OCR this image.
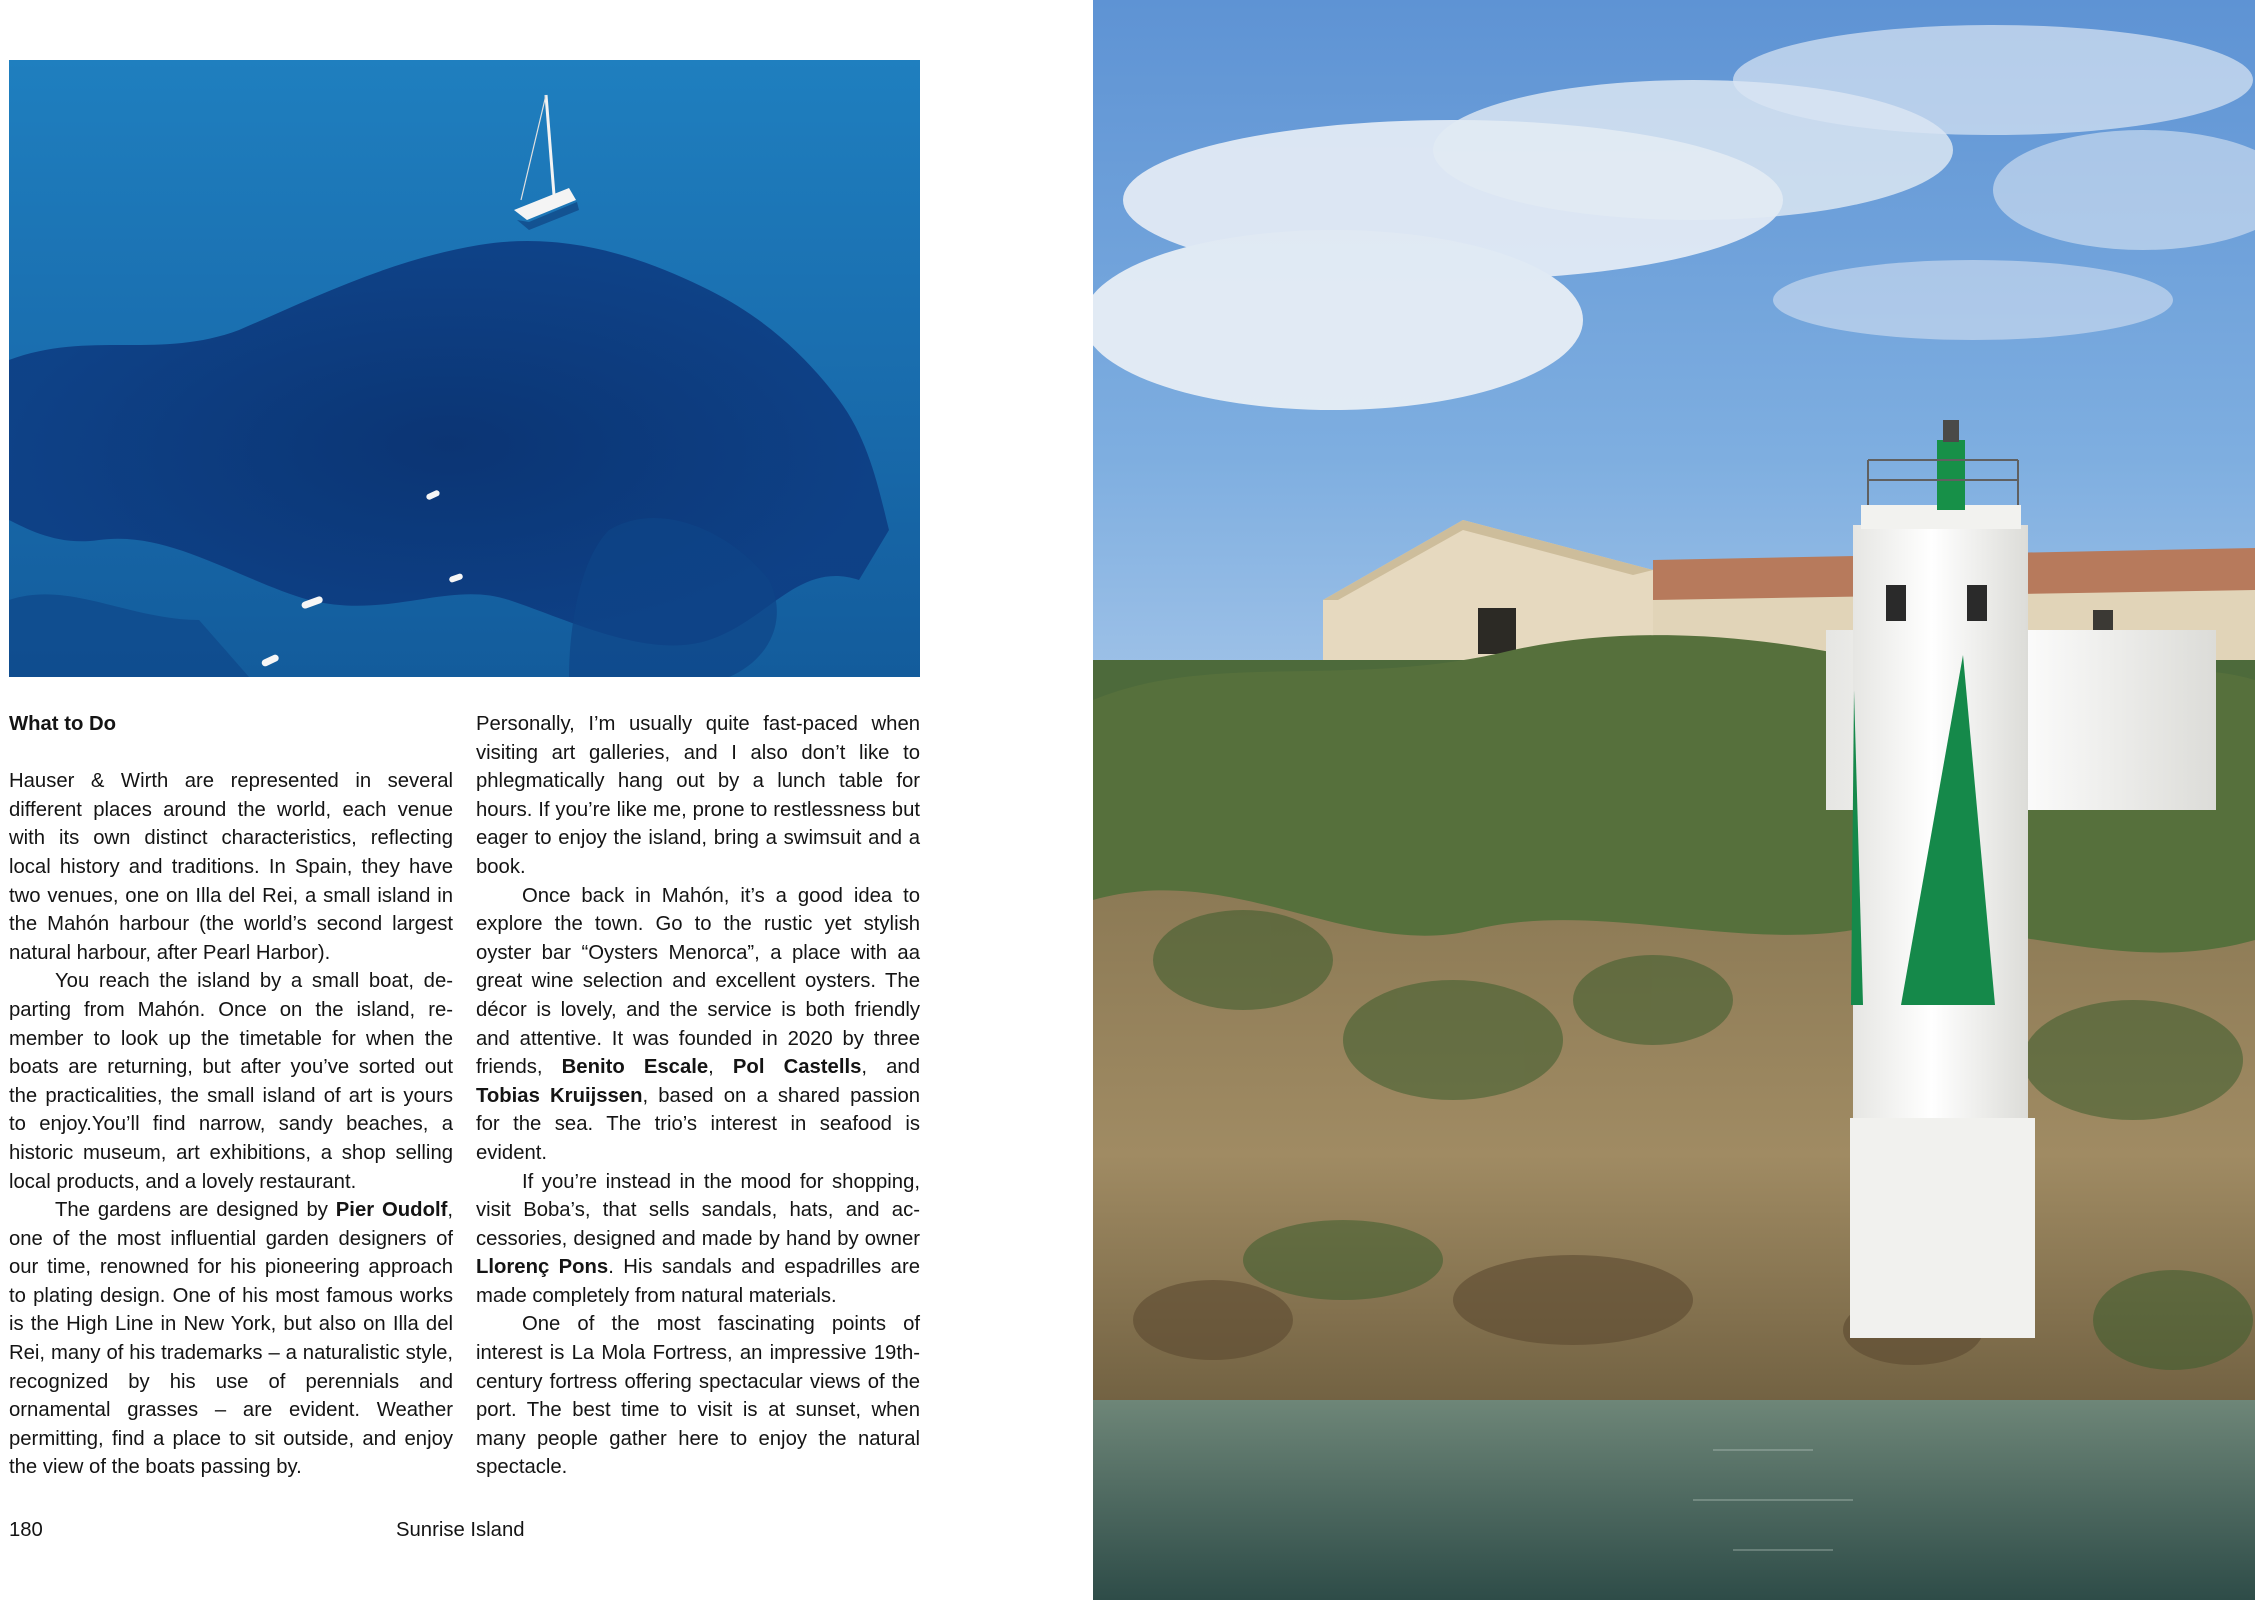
What to Do

Hauser & Wirth are represented in several different places around the world, each venue with its own distinct characteristics, reflecting local history and traditions. In Spain, they have two venues, one on Illa del Rei, a small island in the Mahón harbour (the world’s second largest natural harbour, after Pearl Harbor).

You reach the island by a small boat, departing from Mahón. Once on the island, remember to look up the timetable for when the boats are returning, but after you’ve sorted out the practicalities, the small island of art is yours to enjoy.You’ll find narrow, sandy beaches, a historic museum, art exhibitions, a shop selling local products, and a lovely restaurant.

The gardens are designed by Pier Oudolf, one of the most influential garden designers of our time, renowned for his pioneering approach to plating design. One of his most famous works is the High Line in New York, but also on Illa del Rei, many of his trademarks – a naturalistic style, recognized by his use of perennials and ornamental grasses – are evident. Weather permitting, find a place to sit outside, and enjoy the view of the boats passing by.

Personally, I’m usually quite fast-paced when visiting art galleries, and I also don’t like to phlegmatically hang out by a lunch table for hours. If you’re like me, prone to restlessness but eager to enjoy the island, bring a swimsuit and a book.

Once back in Mahón, it’s a good idea to explore the town. Go to the rustic yet stylish oyster bar “Oysters Menorca”, a place with aa great wine selection and excellent oysters. The décor is lovely, and the service is both friendly and attentive. It was founded in 2020 by three friends, Benito Escale, Pol Castells, and Tobias Kruijssen, based on a shared passion for the sea. The trio’s interest in seafood is evident.

If you’re instead in the mood for shopping, visit Boba’s, that sells sandals, hats, and accessories, designed and made by hand by owner Llorenç Pons. His sandals and espadrilles are made completely from natural materials.

One of the most fascinating points of interest is La Mola Fortress, an impressive 19th-century fortress offering spectacular views of the port. The best time to visit is at sunset, when many people gather here to enjoy the natural spectacle.

180	Sunrise Island
